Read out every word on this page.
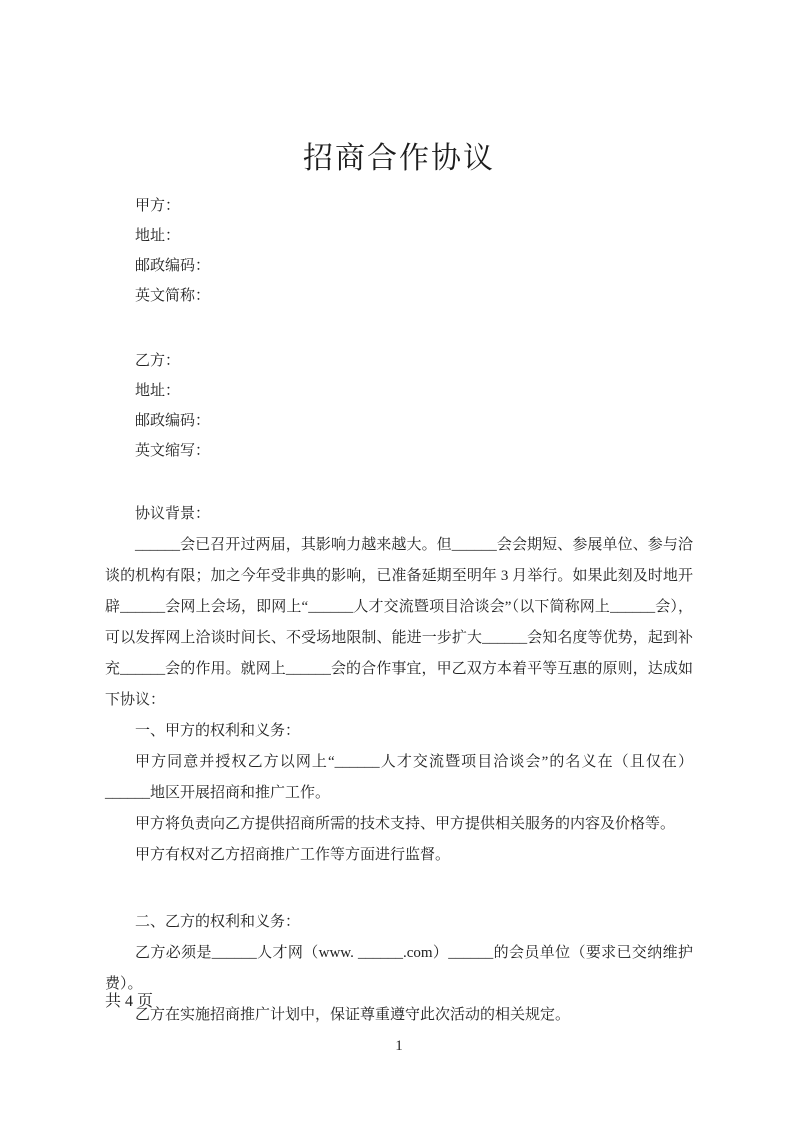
招商合作协议

甲方：

地址：

邮政编码：

英文简称：

乙方：

地址：

邮政编码：

英文缩写：

协议背景：

______会已召开过两届，其影响力越来越大。但______会会期短、参展单位、参与洽谈的机构有限；加之今年受非典的影响，已准备延期至明年 3 月举行。如果此刻及时地开辟______会网上会场，即网上“______人才交流暨项目洽谈会”（以下简称网上______会），可以发挥网上洽谈时间长、不受场地限制、能进一步扩大______会知名度等优势，起到补充______会的作用。就网上______会的合作事宜，甲乙双方本着平等互惠的原则，达成如下协议：

一、甲方的权利和义务：

甲方同意并授权乙方以网上“______人才交流暨项目洽谈会”的名义在（且仅在）______地区开展招商和推广工作。

甲方将负责向乙方提供招商所需的技术支持、甲方提供相关服务的内容及价格等。

甲方有权对乙方招商推广工作等方面进行监督。

二、乙方的权利和义务：

乙方必须是______人才网（www. ______.com）______的会员单位（要求已交纳维护费）。

乙方在实施招商推广计划中，保证尊重遵守此次活动的相关规定。

1

共 4 页
